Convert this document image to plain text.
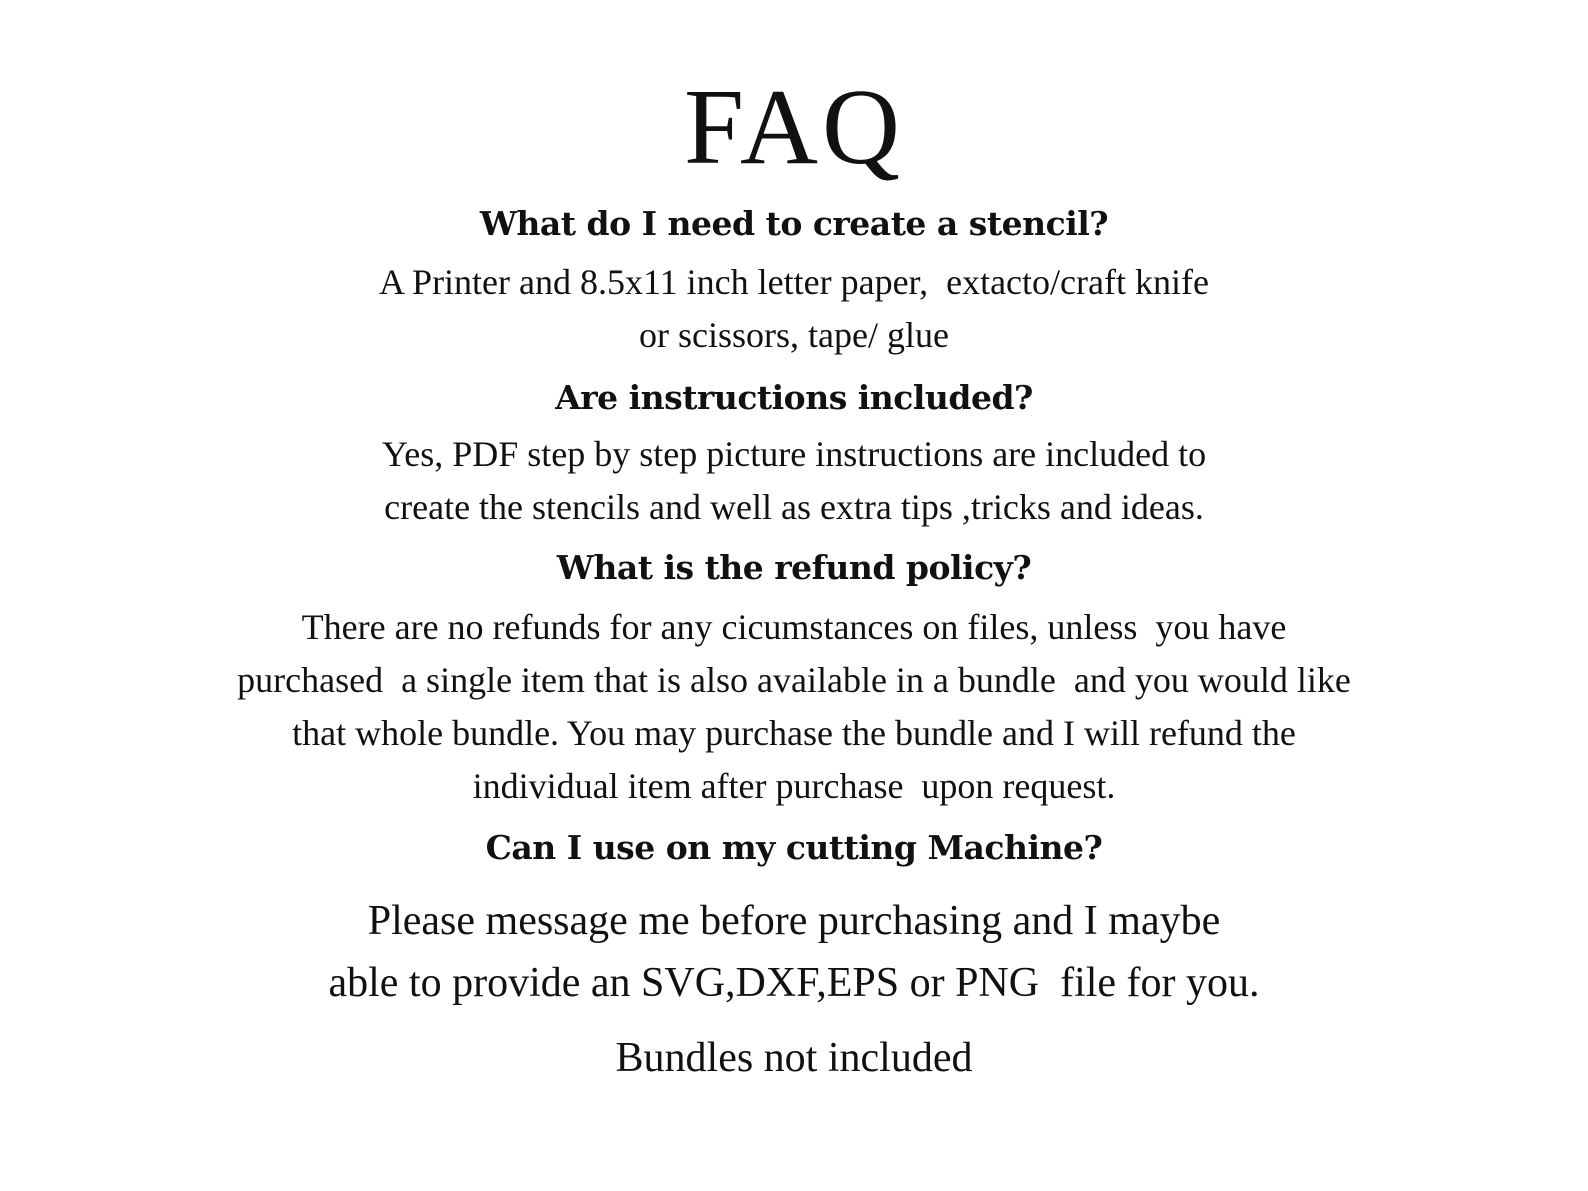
FAQ
What do I need to create a stencil?
A Printer and 8.5x11 inch letter paper,  extacto/craft knife
or scissors, tape/ glue
Are instructions included?
Yes, PDF step by step picture instructions are included to
create the stencils and well as extra tips ,tricks and ideas.
What is the refund policy?
There are no refunds for any cicumstances on files, unless  you have
purchased  a single item that is also available in a bundle  and you would like
that whole bundle. You may purchase the bundle and I will refund the
individual item after purchase  upon request.
Can I use on my cutting Machine?
Please message me before purchasing and I maybe
able to provide an SVG,DXF,EPS or PNG  file for you.
Bundles not included
